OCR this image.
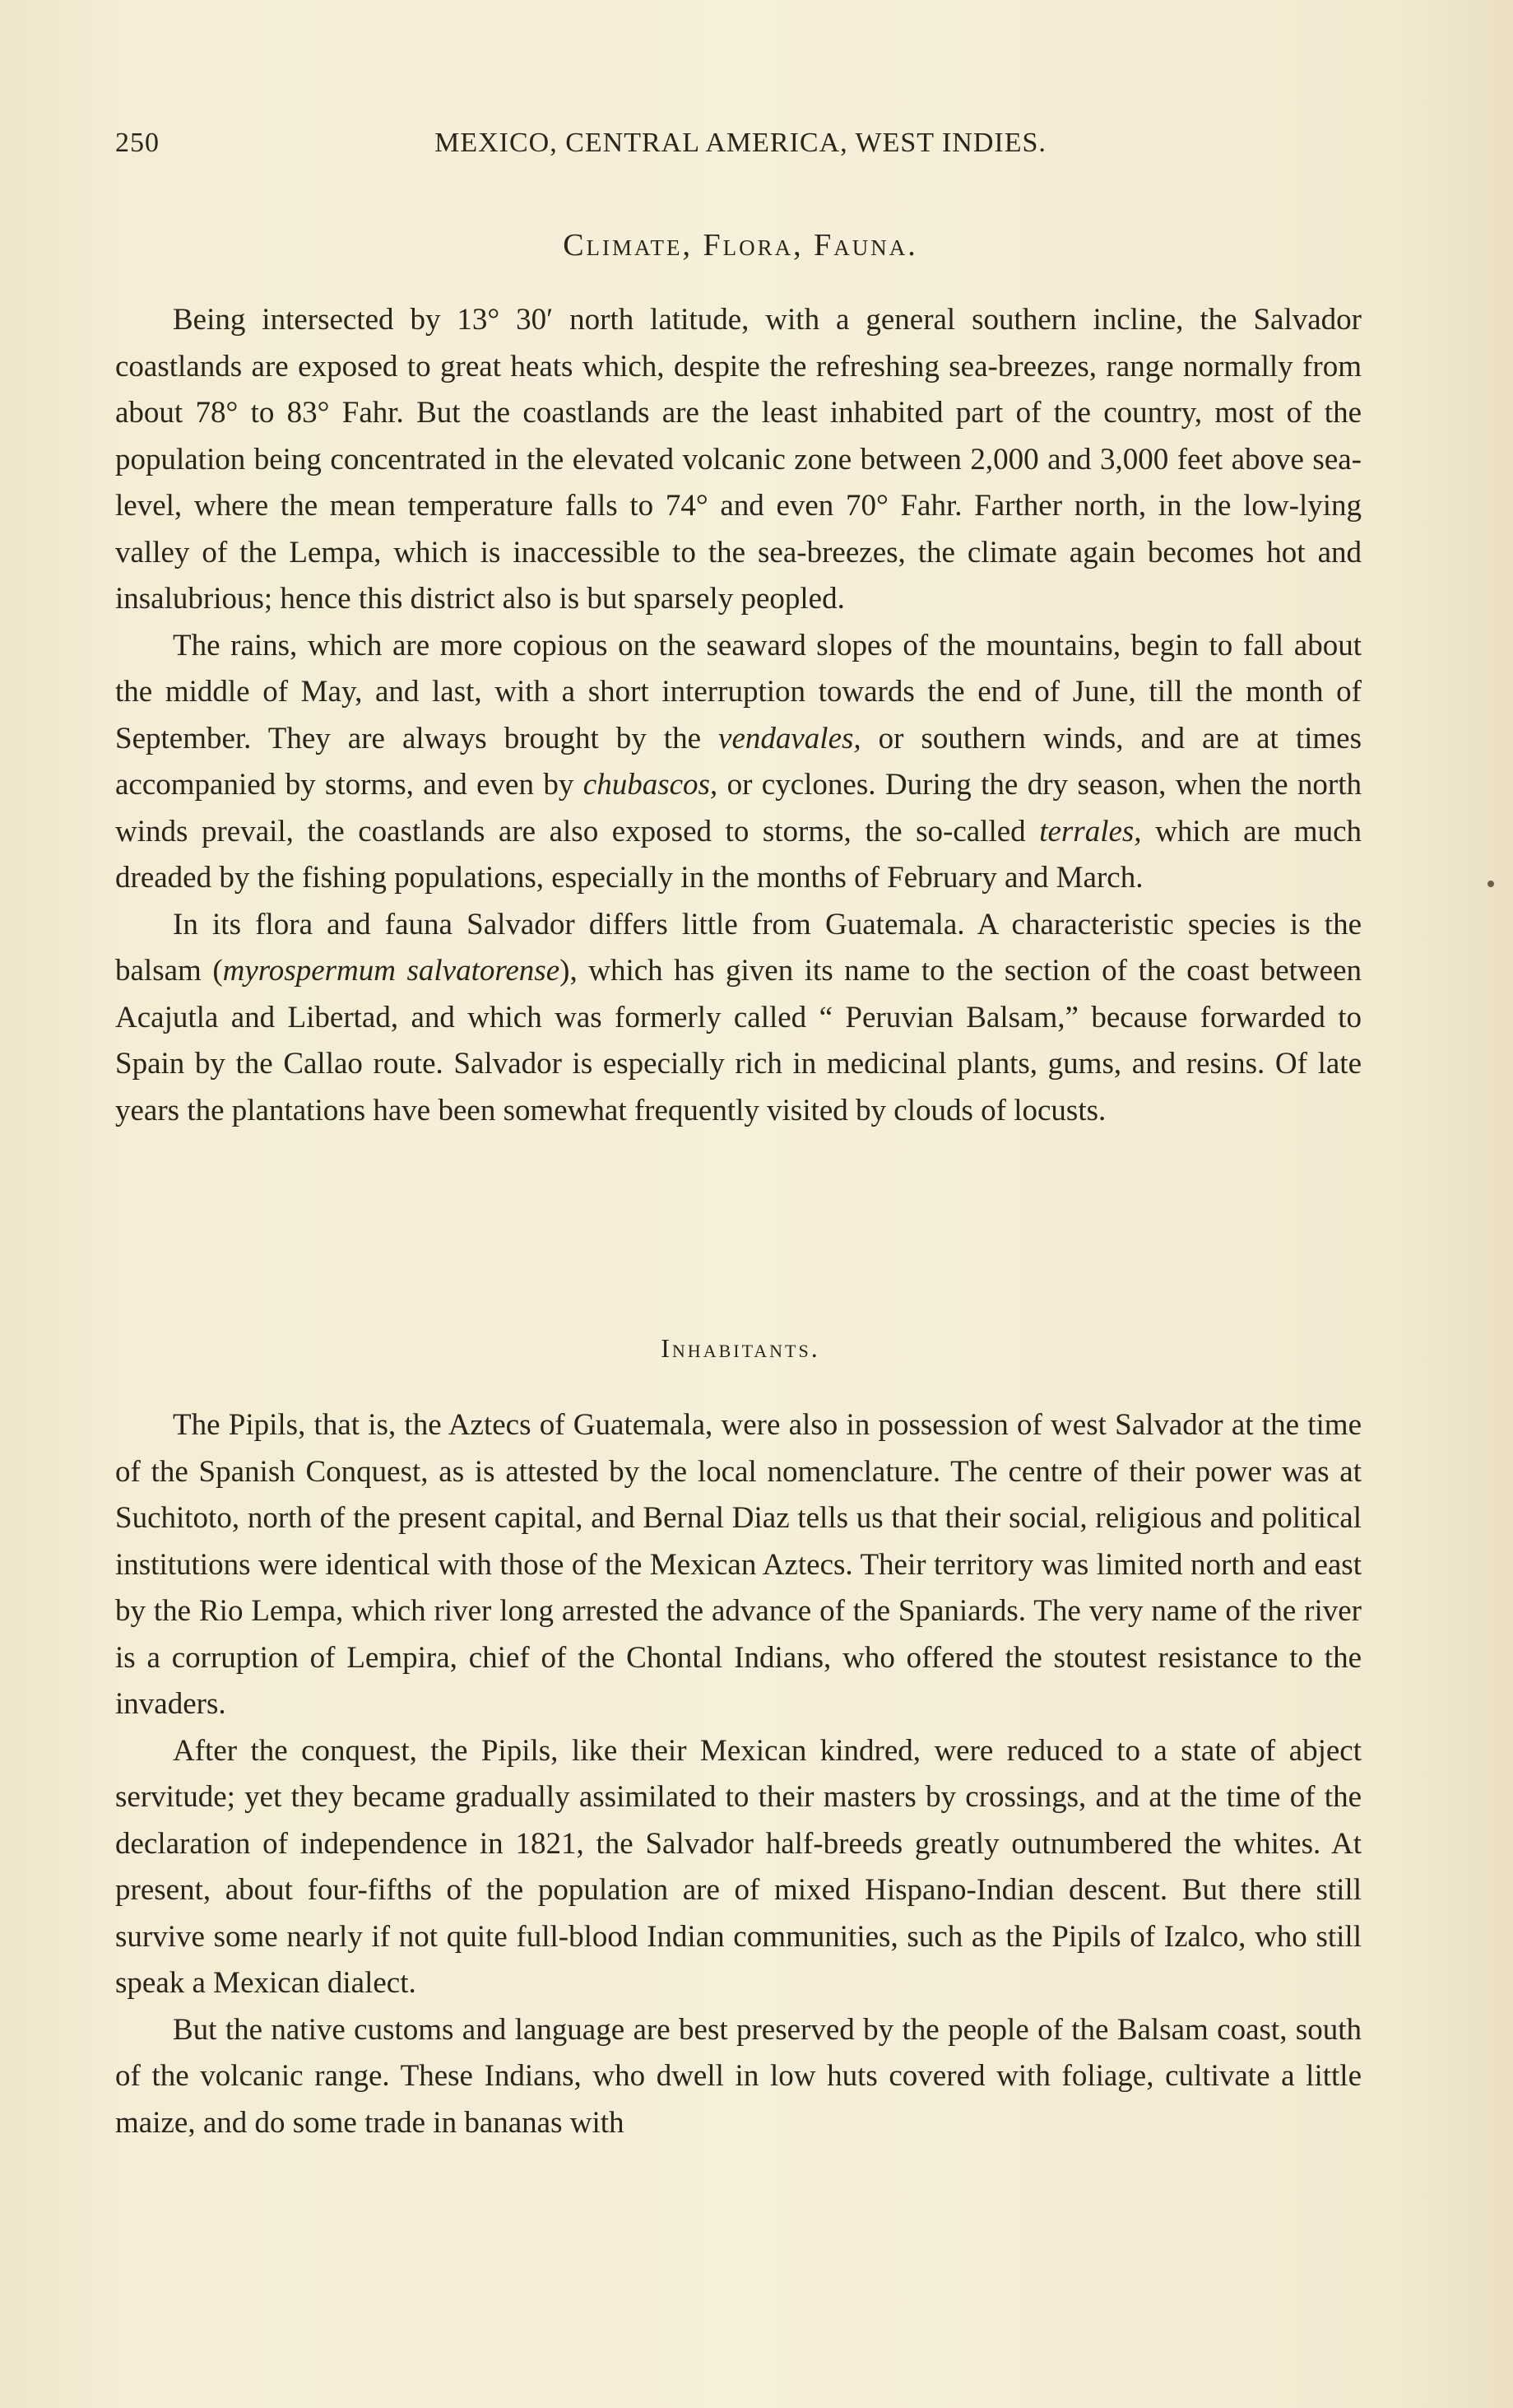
250	MEXICO, CENTRAL AMERICA, WEST INDIES.
Climate, Flora, Fauna.

Being intersected by 13° 30′ north latitude, with a general southern incline, the Salvador coastlands are exposed to great heats which, despite the refreshing sea-breezes, range normally from about 78° to 83° Fahr. But the coastlands are the least inhabited part of the country, most of the population being concentrated in the elevated volcanic zone between 2,000 and 3,000 feet above sea-level, where the mean temperature falls to 74° and even 70° Fahr. Farther north, in the low-lying valley of the Lempa, which is inaccessible to the sea-breezes, the climate again becomes hot and insalubrious; hence this district also is but sparsely peopled.

The rains, which are more copious on the seaward slopes of the mountains, begin to fall about the middle of May, and last, with a short interruption towards the end of June, till the month of September. They are always brought by the vendavales, or southern winds, and are at times accompanied by storms, and even by chubascos, or cyclones. During the dry season, when the north winds prevail, the coastlands are also exposed to storms, the so-called terrales, which are much dreaded by the fishing populations, especially in the months of February and March.

In its flora and fauna Salvador differs little from Guatemala. A characteristic species is the balsam (myrospermum salvatorense), which has given its name to the section of the coast between Acajutla and Libertad, and which was formerly called “ Peruvian Balsam,” because forwarded to Spain by the Callao route. Salvador is especially rich in medicinal plants, gums, and resins. Of late years the plantations have been somewhat frequently visited by clouds of locusts.

Inhabitants.

The Pipils, that is, the Aztecs of Guatemala, were also in possession of west Salvador at the time of the Spanish Conquest, as is attested by the local nomenclature. The centre of their power was at Suchitoto, north of the present capital, and Bernal Diaz tells us that their social, religious and political institutions were identical with those of the Mexican Aztecs. Their territory was limited north and east by the Rio Lempa, which river long arrested the advance of the Spaniards. The very name of the river is a corruption of Lempira, chief of the Chontal Indians, who offered the stoutest resistance to the invaders.

After the conquest, the Pipils, like their Mexican kindred, were reduced to a state of abject servitude; yet they became gradually assimilated to their masters by crossings, and at the time of the declaration of independence in 1821, the Salvador half-breeds greatly outnumbered the whites. At present, about four-fifths of the population are of mixed Hispano-Indian descent. But there still survive some nearly if not quite full-blood Indian communities, such as the Pipils of Izalco, who still speak a Mexican dialect.

But the native customs and language are best preserved by the people of the Balsam coast, south of the volcanic range. These Indians, who dwell in low huts covered with foliage, cultivate a little maize, and do some trade in bananas with
